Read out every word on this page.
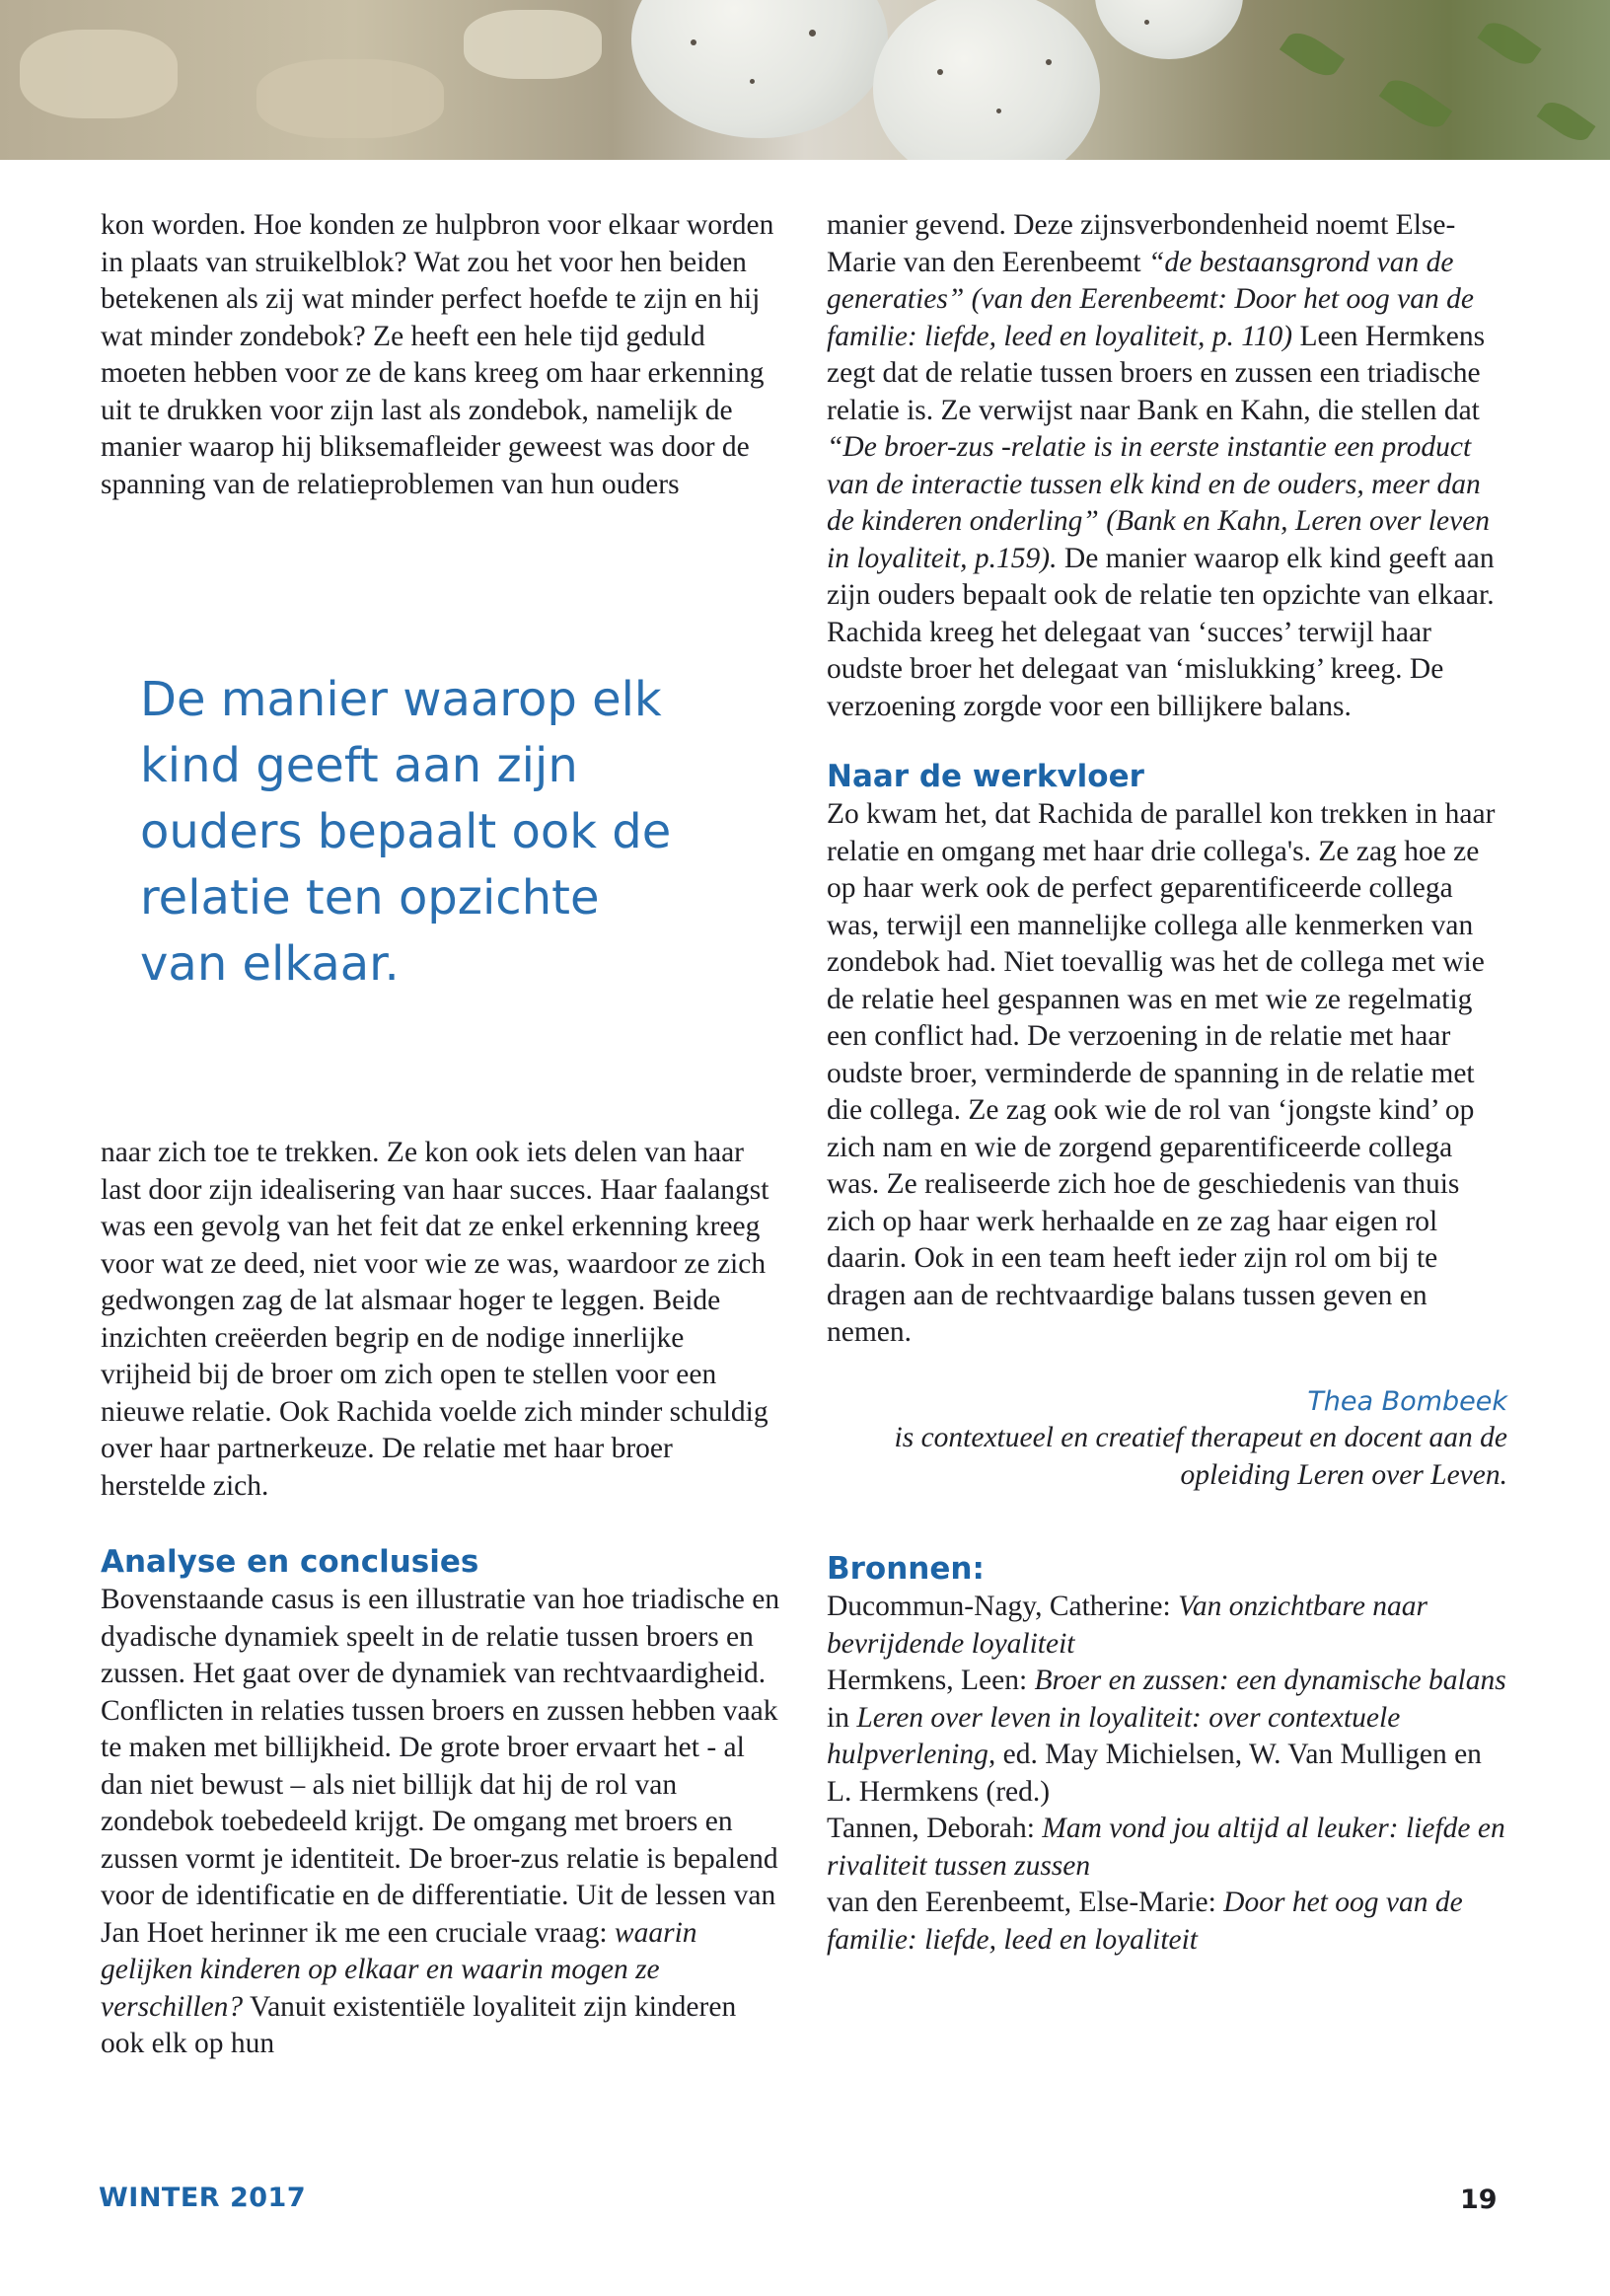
kon worden. Hoe konden ze hulpbron voor elkaar worden in plaats van struikelblok? Wat zou het voor hen beiden betekenen als zij wat minder perfect hoefde te zijn en hij wat minder zondebok? Ze heeft een hele tijd geduld moeten hebben voor ze de kans kreeg om haar erkenning uit te drukken voor zijn last als zondebok, namelijk de manier waarop hij bliksemafleider geweest was door de spanning van de relatieproblemen van hun ouders

De manier waarop elk kind geeft aan zijn ouders bepaalt ook de relatie ten opzichte van elkaar.

naar zich toe te trekken. Ze kon ook iets delen van haar last door zijn idealisering van haar succes. Haar faalangst was een gevolg van het feit dat ze enkel erkenning kreeg voor wat ze deed, niet voor wie ze was, waardoor ze zich gedwongen zag de lat alsmaar hoger te leggen. Beide inzichten creëerden begrip en de nodige innerlijke vrijheid bij de broer om zich open te stellen voor een nieuwe relatie. Ook Rachida voelde zich minder schuldig over haar partnerkeuze. De relatie met haar broer herstelde zich.

Analyse en conclusies

Bovenstaande casus is een illustratie van hoe triadische en dyadische dynamiek speelt in de relatie tussen broers en zussen. Het gaat over de dynamiek van rechtvaardigheid. Conflicten in relaties tussen broers en zussen hebben vaak te maken met billijkheid. De grote broer ervaart het - al dan niet bewust – als niet billijk dat hij de rol van zondebok toebedeeld krijgt. De omgang met broers en zussen vormt je identiteit. De broer-zus relatie is bepalend voor de identificatie en de differentiatie. Uit de lessen van Jan Hoet herinner ik me een cruciale vraag: waarin gelijken kinderen op elkaar en waarin mogen ze verschillen? Vanuit existentiële loyaliteit zijn kinderen ook elk op hun

manier gevend. Deze zijnsverbondenheid noemt Else-Marie van den Eerenbeemt “de bestaansgrond van de generaties” (van den Eerenbeemt: Door het oog van de familie: liefde, leed en loyaliteit, p. 110) Leen Hermkens zegt dat de relatie tussen broers en zussen een triadische relatie is. Ze verwijst naar Bank en Kahn, die stellen dat “De broer-zus -relatie is in eerste instantie een product van de interactie tussen elk kind en de ouders, meer dan de kinderen onderling” (Bank en Kahn, Leren over leven in loyaliteit, p.159). De manier waarop elk kind geeft aan zijn ouders bepaalt ook de relatie ten opzichte van elkaar. Rachida kreeg het delegaat van ‘succes’ terwijl haar oudste broer het delegaat van ‘mislukking’ kreeg. De verzoening zorgde voor een billijkere balans.

Naar de werkvloer

Zo kwam het, dat Rachida de parallel kon trekken in haar relatie en omgang met haar drie collega's. Ze zag hoe ze op haar werk ook de perfect geparentificeerde collega was, terwijl een mannelijke collega alle kenmerken van zondebok had. Niet toevallig was het de collega met wie de relatie heel gespannen was en met wie ze regelmatig een conflict had. De verzoening in de relatie met haar oudste broer, verminderde de spanning in de relatie met die collega. Ze zag ook wie de rol van ‘jongste kind’ op zich nam en wie de zorgend geparentificeerde collega was. Ze realiseerde zich hoe de geschiedenis van thuis zich op haar werk herhaalde en ze zag haar eigen rol daarin. Ook in een team heeft ieder zijn rol om bij te dragen aan de rechtvaardige balans tussen geven en nemen.

Thea Bombeek
is contextueel en creatief therapeut en docent aan de opleiding Leren over Leven.
Bronnen:

Ducommun-Nagy, Catherine: Van onzichtbare naar bevrijdende loyaliteit

Hermkens, Leen: Broer en zussen: een dynamische balans in Leren over leven in loyaliteit: over contextuele hulpverlening, ed. May Michielsen, W. Van Mulligen en L. Hermkens (red.)

Tannen, Deborah: Mam vond jou altijd al leuker: liefde en rivaliteit tussen zussen

van den Eerenbeemt, Else-Marie: Door het oog van de familie: liefde, leed en loyaliteit

WINTER 2017	19
